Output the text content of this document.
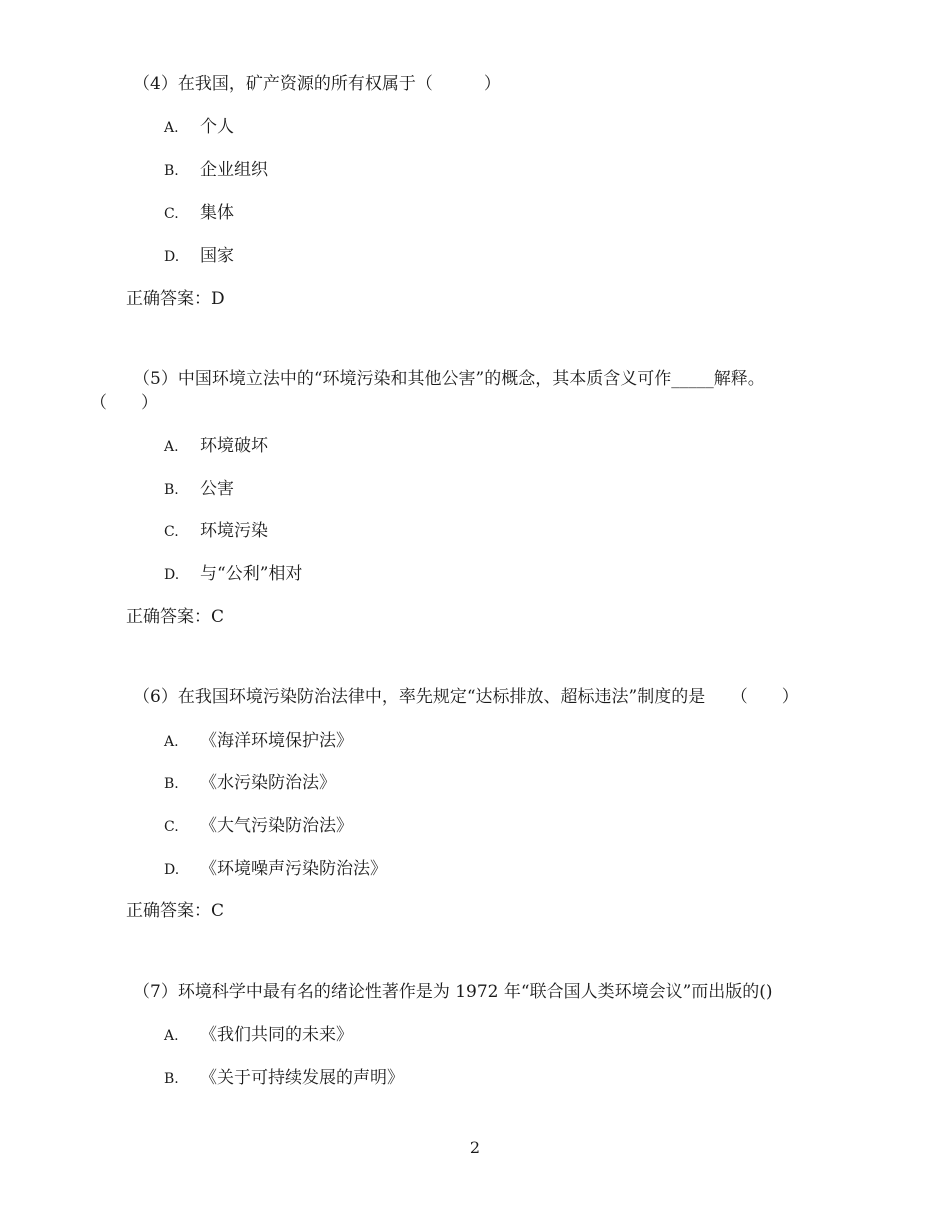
（4）在我国，矿产资源的所有权属于（　　　）
A. 个人
B. 企业组织
C. 集体
D. 国家
正确答案：D
（5）中国环境立法中的“环境污染和其他公害”的概念，其本质含义可作_____解释。
（　　）
A. 环境破坏
B. 公害
C. 环境污染
D. 与“公利”相对
正确答案：C
（6）在我国环境污染防治法律中，率先规定“达标排放、超标违法”制度的是　　（　　）
A. 《海洋环境保护法》
B. 《水污染防治法》
C. 《大气污染防治法》
D. 《环境噪声污染防治法》
正确答案：C
（7）环境科学中最有名的绪论性著作是为 1972 年“联合国人类环境会议”而出版的()
A. 《我们共同的未来》
B. 《关于可持续发展的声明》
2
